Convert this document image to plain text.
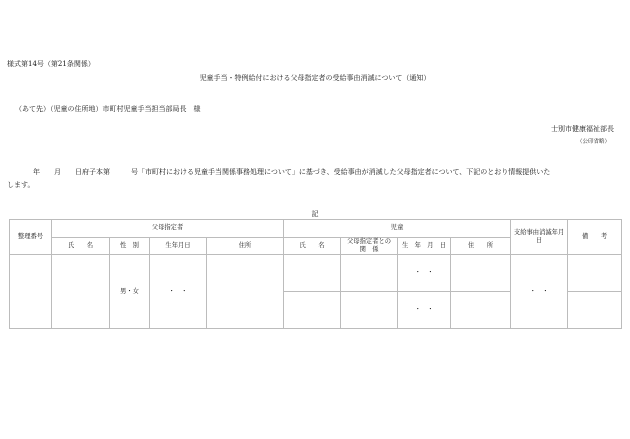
様式第14号（第21条関係）
児童手当・特例給付における父母指定者の受給事由消滅について（通知）
（あて先）（児童の住所地）市町村児童手当担当部局長　様
士別市健康福祉部長
（公印省略）
年　　月　　日府子本第　　　号「市町村における児童手当関係事務処理について」に基づき、受給事由が消滅した父母指定者について、下記のとおり情報提供いた
します。
記
整理番号	父母指定者				児童				支給事由消滅年月日	備　　考
	氏　　名	性　別	生年月日	住所	氏　　名	父母指定者との　関　係	生　年　月　日	住　　所		
		男・女	・　・				・　・		・　・	
							・　・			
